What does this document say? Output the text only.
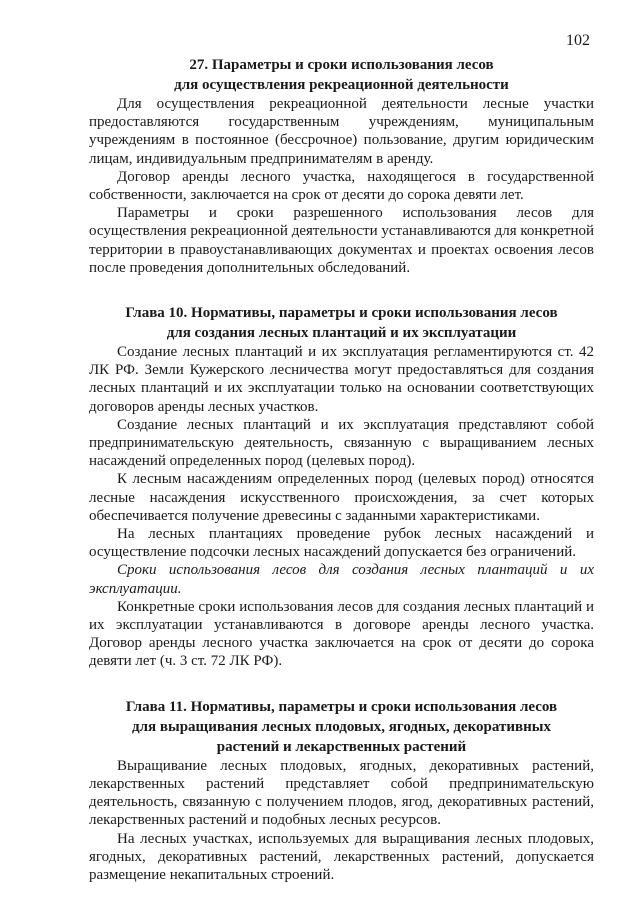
102
27. Параметры и сроки использования лесов
для осуществления рекреационной деятельности

Для осуществления рекреационной деятельности лесные участки предоставляются государственным учреждениям, муниципальным учреждениям в постоянное (бессрочное) пользование, другим юридическим лицам, индивидуальным предпринимателям в аренду.

Договор аренды лесного участка, находящегося в государственной собственности, заключается на срок от десяти до сорока девяти лет.

Параметры и сроки разрешенного использования лесов для осуществления рекреационной деятельности устанавливаются для конкретной территории в правоустанавливающих документах и проектах освоения лесов после проведения дополнительных обследований.

Глава 10. Нормативы, параметры и сроки использования лесов
для создания лесных плантаций и их эксплуатации

Создание лесных плантаций и их эксплуатация регламентируются ст. 42 ЛК РФ. Земли Кужерского лесничества могут предоставляться для создания лесных плантаций и их эксплуатации только на основании соответствующих договоров аренды лесных участков.

Создание лесных плантаций и их эксплуатация представляют собой предпринимательскую деятельность, связанную с выращиванием лесных насаждений определенных пород (целевых пород).

К лесным насаждениям определенных пород (целевых пород) относятся лесные насаждения искусственного происхождения, за счет которых обеспечивается получение древесины с заданными характеристиками.

На лесных плантациях проведение рубок лесных насаждений и осуществление подсочки лесных насаждений допускается без ограничений.

Сроки использования лесов для создания лесных плантаций и их эксплуатации.

Конкретные сроки использования лесов для создания лесных плантаций и их эксплуатации устанавливаются в договоре аренды лесного участка. Договор аренды лесного участка заключается на срок от десяти до сорока девяти лет (ч. 3 ст. 72 ЛК РФ).

Глава 11. Нормативы, параметры и сроки использования лесов
для выращивания лесных плодовых, ягодных, декоративных
растений и лекарственных растений

Выращивание лесных плодовых, ягодных, декоративных растений, лекарственных растений представляет собой предпринимательскую деятельность, связанную с получением плодов, ягод, декоративных растений, лекарственных растений и подобных лесных ресурсов.

На лесных участках, используемых для выращивания лесных плодовых, ягодных, декоративных растений, лекарственных растений, допускается размещение некапитальных строений.
